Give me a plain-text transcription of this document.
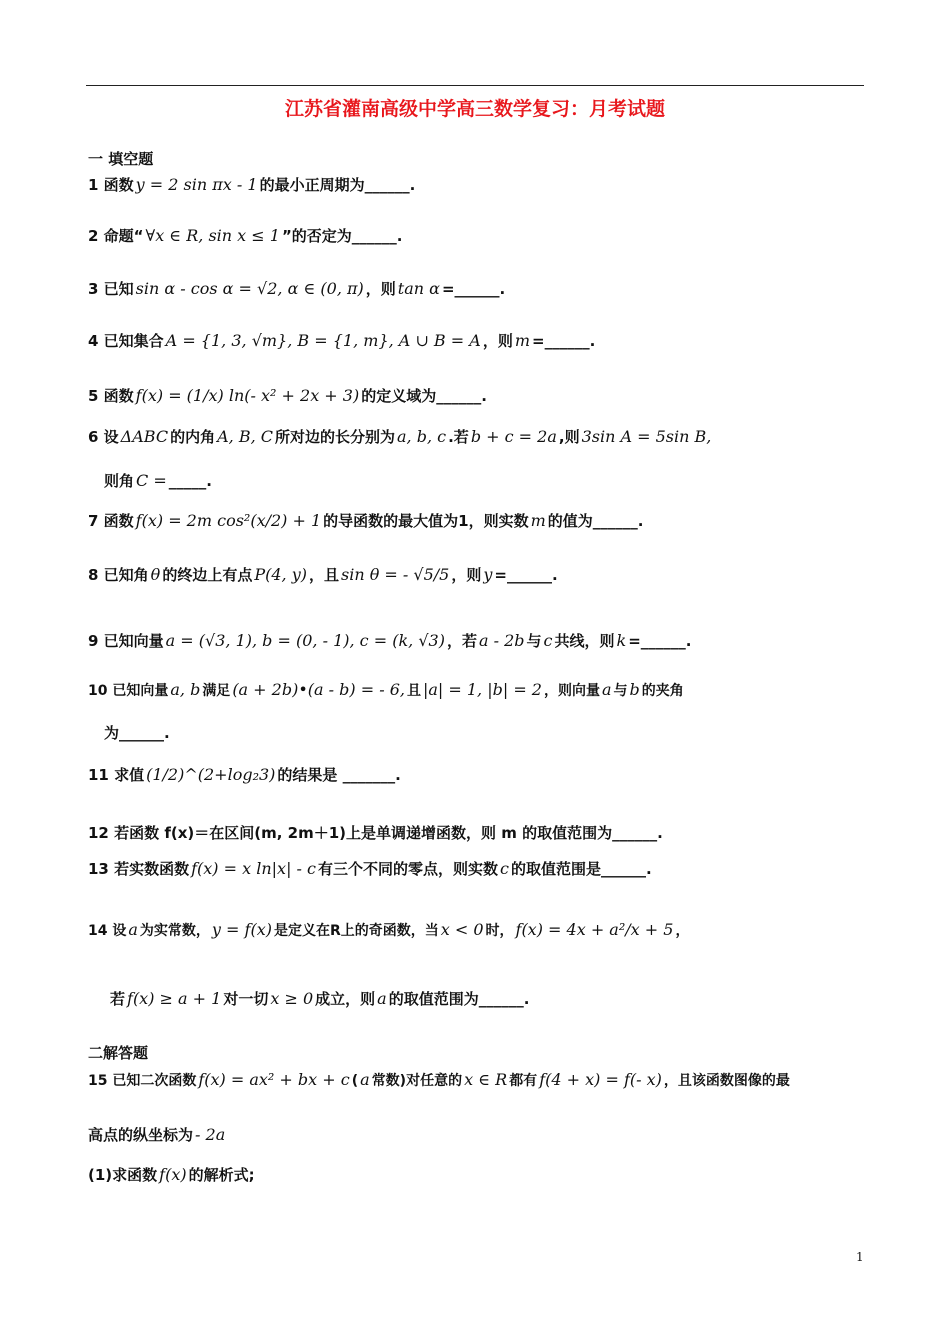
江苏省灌南高级中学高三数学复习：月考试题
一 填空题
1 函数 y = 2 sin πx - 1 的最小正周期为______.
2 命题“ ∀x ∈ R, sin x ≤ 1 ”的否定为______.
3 已知 sin α - cos α = √2, α ∈ (0, π) ，则 tan α =______.
4 已知集合 A = {1, 3, √m}, B = {1, m}, A ∪ B = A ，则 m =______.
5 函数 f(x) = (1/x) ln(- x² + 2x + 3) 的定义域为______.
6 设 ΔABC 的内角 A, B, C 所对边的长分别为 a, b, c .若 b + c = 2a ,则 3sin A = 5sin B,
则角 C = _____.
7 函数 f(x) = 2m cos²(x/2) + 1 的导函数的最大值为1，则实数 m 的值为______.
8 已知角 θ 的终边上有点 P(4, y) ，且 sin θ = - √5/5 ，则 y =______.
9 已知向量 a = (√3, 1), b = (0, - 1), c = (k, √3) ，若 a - 2b 与 c 共线，则 k =______.
10 已知向量 a, b 满足 (a + 2b)•(a - b) = - 6, 且 |a| = 1, |b| = 2 ，则向量 a 与 b 的夹角
为______.
11 求值 (1/2)^(2+log₂3) 的结果是 _______.
12 若函数 f(x)＝在区间(m, 2m＋1)上是单调递增函数，则 m 的取值范围为______.
13 若实数函数 f(x) = x ln|x| - c 有三个不同的零点，则实数 c 的取值范围是______.
14 设 a 为实常数， y = f(x) 是定义在R上的奇函数，当 x < 0 时， f(x) = 4x + a²/x + 5 ，
若 f(x) ≥ a + 1 对一切 x ≥ 0 成立，则 a 的取值范围为______.
二解答题
15 已知二次函数 f(x) = ax² + bx + c ( a 常数)对任意的 x ∈ R 都有 f(4 + x) = f(- x) ，且该函数图像的最
高点的纵坐标为 - 2a
(1)求函数 f(x) 的解析式;
1
